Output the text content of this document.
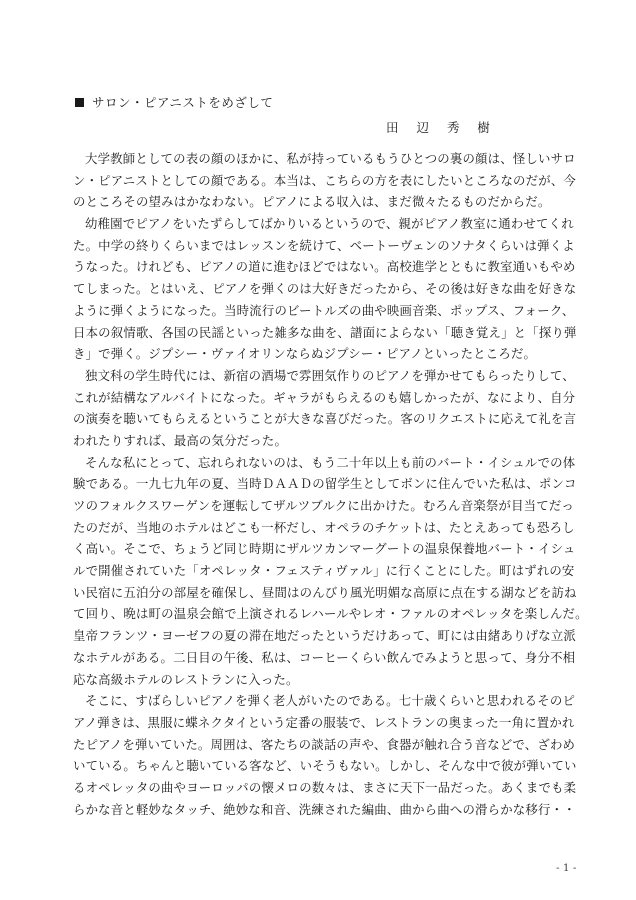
サロン・ピアニストをめざして
田 辺 秀 樹
大学教師としての表の顔のほかに、私が持っているもうひとつの裏の顔は、怪しいサロ
ン・ピアニストとしての顔である。本当は、こちらの方を表にしたいところなのだが、今
のところその望みはかなわない。ピアノによる収入は、まだ微々たるものだからだ。
幼稚園でピアノをいたずらしてばかりいるというので、親がピアノ教室に通わせてくれ
た。中学の終りくらいまではレッスンを続けて、ベートーヴェンのソナタくらいは弾くよ
うなった。けれども、ピアノの道に進むほどではない。高校進学とともに教室通いもやめ
てしまった。とはいえ、ピアノを弾くのは大好きだったから、その後は好きな曲を好きな
ように弾くようになった。当時流行のビートルズの曲や映画音楽、ポップス、フォーク、
日本の叙情歌、各国の民謡といった雑多な曲を、譜面によらない「聴き覚え」と「探り弾
き」で弾く。ジプシー・ヴァイオリンならぬジプシー・ピアノといったところだ。
独文科の学生時代には、新宿の酒場で雰囲気作りのピアノを弾かせてもらったりして、
これが結構なアルバイトになった。ギャラがもらえるのも嬉しかったが、なにより、自分
の演奏を聴いてもらえるということが大きな喜びだった。客のリクエストに応えて礼を言
われたりすれば、最高の気分だった。
そんな私にとって、忘れられないのは、もう二十年以上も前のバート・イシュルでの体
験である。一九七九年の夏、当時ＤＡＡＤの留学生としてボンに住んでいた私は、ポンコ
ツのフォルクスワーゲンを運転してザルツブルクに出かけた。むろん音楽祭が目当てだっ
たのだが、当地のホテルはどこも一杯だし、オペラのチケットは、たとえあっても恐ろし
く高い。そこで、ちょうど同じ時期にザルツカンマーグートの温泉保養地バート・イシュ
ルで開催されていた「オペレッタ・フェスティヴァル」に行くことにした。町はずれの安
い民宿に五泊分の部屋を確保し、昼間はのんびり風光明媚な高原に点在する湖などを訪ね
て回り、晩は町の温泉会館で上演されるレハールやレオ・ファルのオペレッタを楽しんだ。
皇帝フランツ・ヨーゼフの夏の滞在地だったというだけあって、町には由緒ありげな立派
なホテルがある。二日目の午後、私は、コーヒーくらい飲んでみようと思って、身分不相
応な高級ホテルのレストランに入った。
そこに、すばらしいピアノを弾く老人がいたのである。七十歳くらいと思われるそのピ
アノ弾きは、黒服に蝶ネクタイという定番の服装で、レストランの奥まった一角に置かれ
たピアノを弾いていた。周囲は、客たちの談話の声や、食器が触れ合う音などで、ざわめ
いている。ちゃんと聴いている客など、いそうもない。しかし、そんな中で彼が弾いてい
るオペレッタの曲やヨーロッパの懐メロの数々は、まさに天下一品だった。あくまでも柔
らかな音と軽妙なタッチ、絶妙な和音、洗練された編曲、曲から曲への滑らかな移行・・
- 1 -
